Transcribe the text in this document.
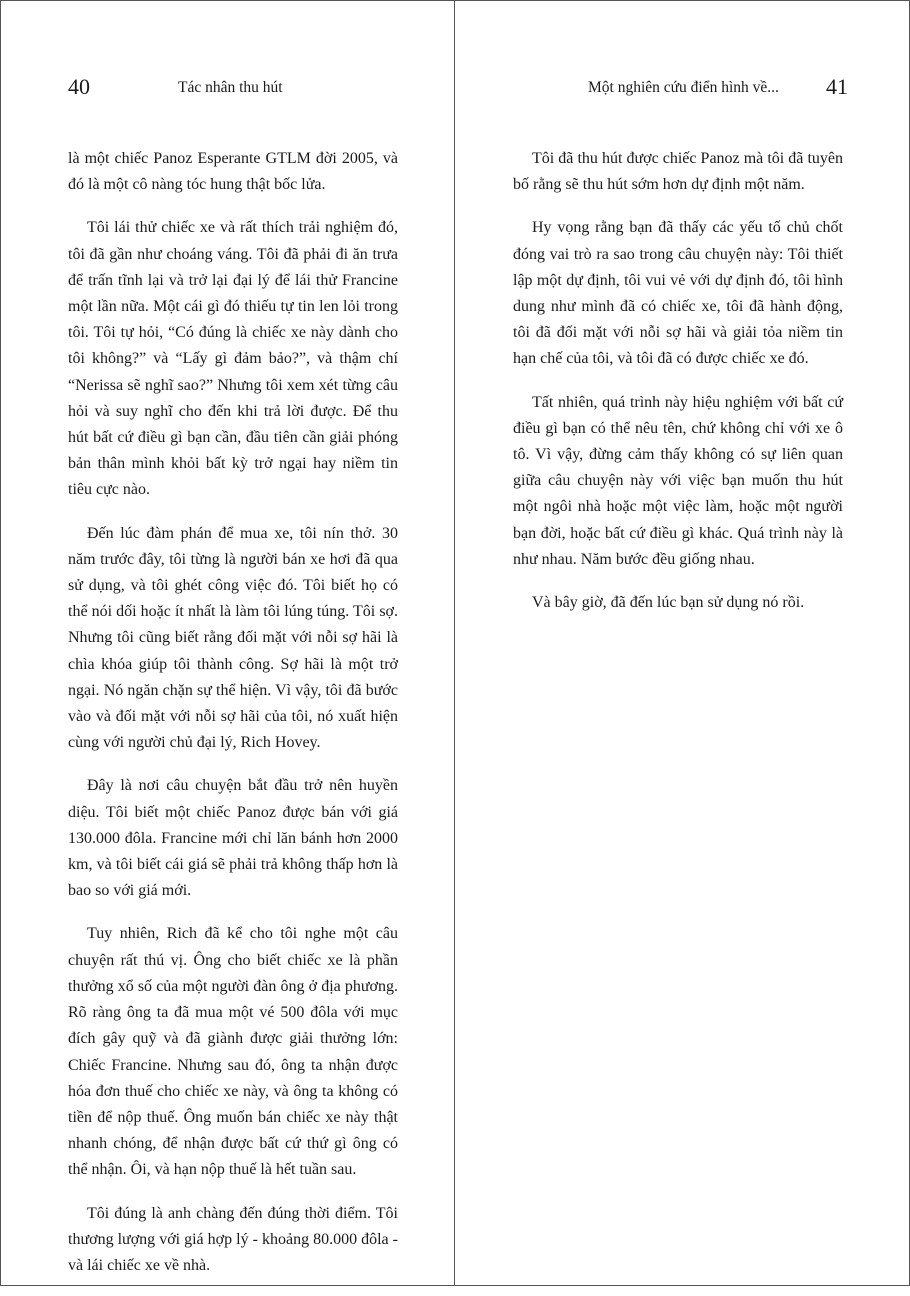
40	Tác nhân thu hút

là một chiếc Panoz Esperante GTLM đời 2005, và đó là một cô nàng tóc hung thật bốc lửa.

Tôi lái thử chiếc xe và rất thích trải nghiệm đó, tôi đã gần như choáng váng. Tôi đã phải đi ăn trưa để trấn tĩnh lại và trở lại đại lý để lái thử Francine một lần nữa. Một cái gì đó thiếu tự tin len lỏi trong tôi. Tôi tự hỏi, “Có đúng là chiếc xe này dành cho tôi không?” và “Lấy gì đảm bảo?”, và thậm chí “Nerissa sẽ nghĩ sao?” Nhưng tôi xem xét từng câu hỏi và suy nghĩ cho đến khi trả lời được. Để thu hút bất cứ điều gì bạn cần, đầu tiên cần giải phóng bản thân mình khỏi bất kỳ trở ngại hay niềm tin tiêu cực nào.

Đến lúc đàm phán để mua xe, tôi nín thở. 30 năm trước đây, tôi từng là người bán xe hơi đã qua sử dụng, và tôi ghét công việc đó. Tôi biết họ có thể nói dối hoặc ít nhất là làm tôi lúng túng. Tôi sợ. Nhưng tôi cũng biết rằng đối mặt với nỗi sợ hãi là chìa khóa giúp tôi thành công. Sợ hãi là một trở ngại. Nó ngăn chặn sự thể hiện. Vì vậy, tôi đã bước vào và đối mặt với nỗi sợ hãi của tôi, nó xuất hiện cùng với người chủ đại lý, Rich Hovey.

Đây là nơi câu chuyện bắt đầu trở nên huyền diệu. Tôi biết một chiếc Panoz được bán với giá 130.000 đôla. Francine mới chỉ lăn bánh hơn 2000 km, và tôi biết cái giá sẽ phải trả không thấp hơn là bao so với giá mới.

Tuy nhiên, Rich đã kể cho tôi nghe một câu chuyện rất thú vị. Ông cho biết chiếc xe là phần thưởng xổ số của một người đàn ông ở địa phương. Rõ ràng ông ta đã mua một vé 500 đôla với mục đích gây quỹ và đã giành được giải thưởng lớn: Chiếc Francine. Nhưng sau đó, ông ta nhận được hóa đơn thuế cho chiếc xe này, và ông ta không có tiền để nộp thuế. Ông muốn bán chiếc xe này thật nhanh chóng, để nhận được bất cứ thứ gì ông có thể nhận. Ôi, và hạn nộp thuế là hết tuần sau.

Tôi đúng là anh chàng đến đúng thời điểm. Tôi thương lượng với giá hợp lý - khoảng 80.000 đôla - và lái chiếc xe về nhà.

Một nghiên cứu điển hình về... 41

Tôi đã thu hút được chiếc Panoz mà tôi đã tuyên bố rằng sẽ thu hút sớm hơn dự định một năm.

Hy vọng rằng bạn đã thấy các yếu tố chủ chốt đóng vai trò ra sao trong câu chuyện này: Tôi thiết lập một dự định, tôi vui vẻ với dự định đó, tôi hình dung như mình đã có chiếc xe, tôi đã hành động, tôi đã đối mặt với nỗi sợ hãi và giải tỏa niềm tin hạn chế của tôi, và tôi đã có được chiếc xe đó.

Tất nhiên, quá trình này hiệu nghiệm với bất cứ điều gì bạn có thể nêu tên, chứ không chỉ với xe ô tô. Vì vậy, đừng cảm thấy không có sự liên quan giữa câu chuyện này với việc bạn muốn thu hút một ngôi nhà hoặc một việc làm, hoặc một người bạn đời, hoặc bất cứ điều gì khác. Quá trình này là như nhau. Năm bước đều giống nhau.

Và bây giờ, đã đến lúc bạn sử dụng nó rồi.
